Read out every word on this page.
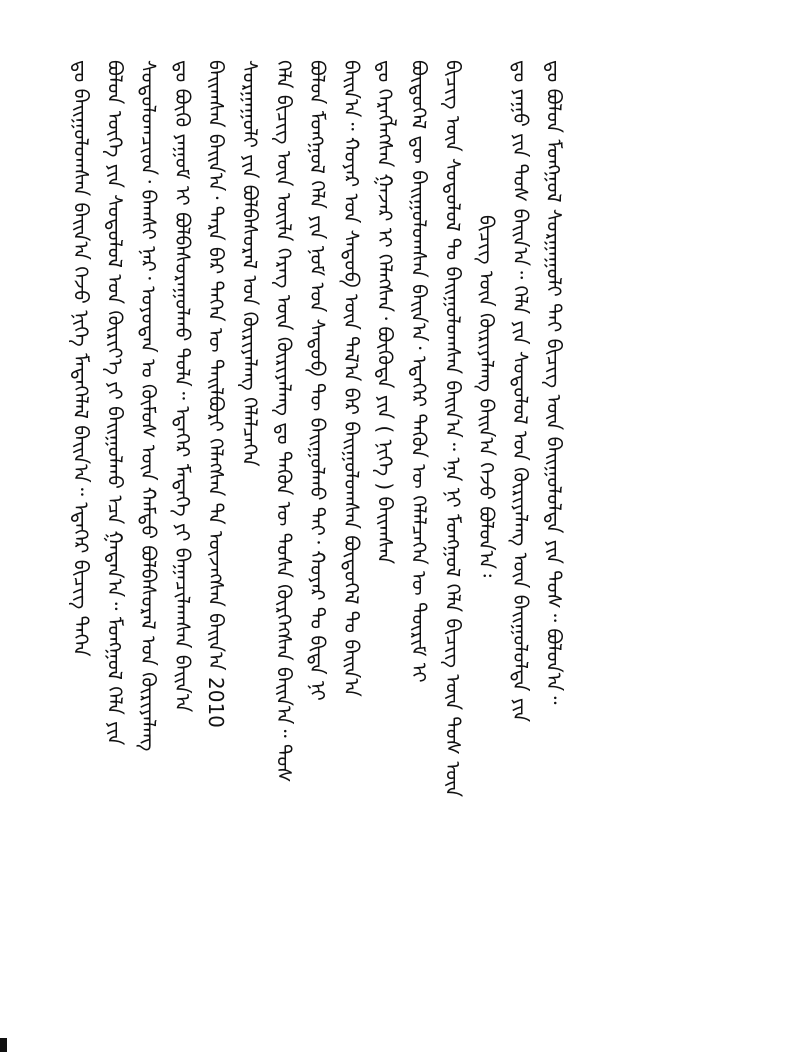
ᠳᠤ ᠪᠠᠢᠭᠤᠯᠤᠭᠰᠠᠨ ᠪᠠᠢᠨ᠎ᠠ ᠭᠡᠵᠦ ᠨᠢᠭᠡ ᠮᠡᠳᠡᠭᠡᠯᠡᠯ ᠪᠠᠢᠨ᠎ᠠ᠃ ᠡᠳᠡᠭᠡᠷ ᠪᠢᠴᠢᠭ ᠲᠡᠭᠡᠨ ᠪᠤᠯᠤᠨ ᠦᠭᠡ ᠶᠢᠨ ᠰᠤᠳᠤᠯᠤᠯ ᠤᠨ ᠬᠦᠷᠢᠶ᠎ᠡ ᠶᠢ ᠪᠠᠢᠭᠤᠯᠬᠤ ᠡᠴᠡ ᠭᠠᠳᠠᠨ᠎ᠠ᠃ ᠮᠣᠩᠭᠣᠯ ᠬᠡᠯᠡ ᠶᠢᠨ ᠰᠤᠳᠤᠯᠤᠭᠴᠢᠳ᠂ ᠪᠠᠭᠰᠢ ᠨᠠᠷ᠂ ᠣᠶᠤᠲᠠᠨ ᠤ ᠬᠦᠮᠦᠰ ᠦᠨ ᠬᠠᠮᠲᠤ ᠪᠣᠯᠪᠠᠰᠤᠷᠠᠯ ᠤᠨ ᠬᠦᠷᠢᠶᠡᠯᠡᠩ ᠳᠤ ᠪᠦᠬᠦ ᠶᠠᠭᠤᠮ ᠢ ᠪᠣᠯᠪᠠᠰᠤᠷᠠᠭᠤᠯᠬᠤ ᠲᠤᠯᠠ᠃ ᠡᠳᠡᠭᠡᠷ ᠮᠡᠳᠡᠭᠡ ᠶᠢ ᠪᠠᠭᠠᠴᠢᠯᠠᠭᠰᠠᠨ ᠪᠠᠢᠨ᠎ᠠ ᠪᠠᠢᠭᠰᠠᠨ ᠪᠠᠢᠨ᠎ᠠ᠂ ᠳᠡᠷᠡ ᠪᠠᠷ ᠲᠡᠭᠡᠨ ᠦ ᠲᠠᠢᠯᠪᠤᠷᠢ ᠬᠡᠯᠡᠭᠰᠡᠨ ᠲᠠ ᠦᠵᠡᠭᠰᠡᠨ ᠪᠠᠢᠨ᠎ᠠ 2010
ᠰᠤᠷᠭᠠᠭᠤᠯᠢ ᠶᠢᠨ ᠪᠣᠯᠪᠠᠰᠤᠷᠠᠯ ᠤᠨ ᠬᠦᠷᠢᠶᠡᠯᠡᠩ ᠬᠡᠯᠡᠯᠴᠡᠭᠡᠨ ᠬᠡᠯᠡ ᠪᠢᠴᠢᠭ ᠦᠨ ᠦᠢᠯᠡ ᠬᠡᠷᠡᠭ ᠦᠨ ᠬᠦᠷᠢᠶᠡᠯᠡᠩ ᠳᠤ ᠲᠡᠭᠦᠨ ᠦ ᠲᠤᠰᠠ ᠬᠦᠷᠭᠡᠭᠰᠡᠨ ᠪᠠᠢᠨ᠎ᠠ᠃ ᠲᠤᠰ ᠪᠤᠯᠤᠨ ᠮᠣᠩᠭᠣᠯ ᠬᠡᠯᠡ ᠶᠢᠨ ᠨᠣᠮ ᠤᠨ ᠰᠡᠳᠦᠪ ᠲᠦ ᠪᠠᠢᠭᠤᠯᠬᠤ ᠲᠠᠢ᠂ ᠬᠣᠶᠠᠷ ᠲᠤ ᠪᠢᠳᠡ ᠨᠢ ᠪᠠᠢᠨ᠎ᠠ᠃ ᠬᠣᠶᠠᠷ ᠤᠨ ᠰᠡᠳᠦᠪ ᠦᠨ ᠲᠠᠯ᠎ᠠ ᠪᠠᠷ ᠪᠠᠢᠭᠤᠯᠤᠭᠰᠠᠨ ᠪᠦᠲᠦᠭᠡᠯ ᠲᠤ ᠪᠠᠢᠨ᠎ᠠ ᠳᠤ ᠬᠡᠷᠡᠭᠯᠡᠭᠰᠡᠨ ᠭᠠᠵᠠᠷ ᠢ ᠬᠡᠯᠡᠭᠰᠡᠨ᠂ ᠪᠦᠭᠦᠳᠡ ᠶᠢᠨ ( ᠨᠢᠭᠡ ) ᠪᠠᠢᠭᠰᠠᠨ ᠪᠦᠲᠦᠭᠡᠯ ᠳᠦ ᠪᠠᠢᠭᠤᠯᠤᠭᠰᠠᠨ ᠪᠠᠢᠨ᠎ᠠ᠂ ᠡᠳᠡᠭᠡᠷ ᠲᠡᠭᠦᠨ ᠦ ᠬᠡᠯᠡᠯᠴᠡᠭᠡᠨ ᠦ ᠳᠦᠷᠢᠮ ᠢ ᠪᠢᠴᠢᠭ ᠦᠨ ᠰᠤᠳᠤᠯᠤᠯ ᠲᠤ ᠪᠠᠢᠭᠤᠯᠤᠭᠰᠠᠨ ᠪᠠᠢᠨ᠎ᠠ᠃ ᠡᠨᠡ ᠨᠢ ᠮᠣᠩᠭᠣᠯ ᠬᠡᠯᠡ ᠪᠢᠴᠢᠭ ᠦᠨ ᠲᠤᠰ ᠦᠨ ᠪᠢᠴᠢᠭ ᠦᠨ ᠬᠦᠷᠢᠶᠡᠯᠡᠩ ᠪᠠᠢᠨ᠎ᠠ ᠭᠡᠵᠦ ᠪᠣᠯᠤᠨ᠎ᠠ᠄ ᠳᠤ ᠶᠠᠭᠤ ᠶᠢᠨ ᠲᠤᠰ ᠪᠠᠢᠨ᠎ᠠ᠃ ᠬᠡᠯᠡ ᠶᠢᠨ ᠰᠤᠳᠤᠯᠤᠯ ᠤᠨ ᠬᠦᠷᠢᠶᠡᠯᠡᠩ ᠦᠨ ᠪᠠᠢᠭᠤᠯᠤᠯᠲᠠ ᠶᠢᠨ ᠳᠤ ᠪᠣᠯᠤᠨ ᠮᠣᠩᠭᠣᠯ ᠰᠤᠷᠭᠠᠭᠤᠯᠢ ᠲᠠᠢ ᠪᠢᠴᠢᠭ ᠦᠨ ᠪᠠᠢᠭᠤᠯᠤᠯᠲᠠ ᠶᠢᠨ ᠲᠤᠰ᠃ ᠪᠣᠯᠤᠨ᠎ᠠ᠃
